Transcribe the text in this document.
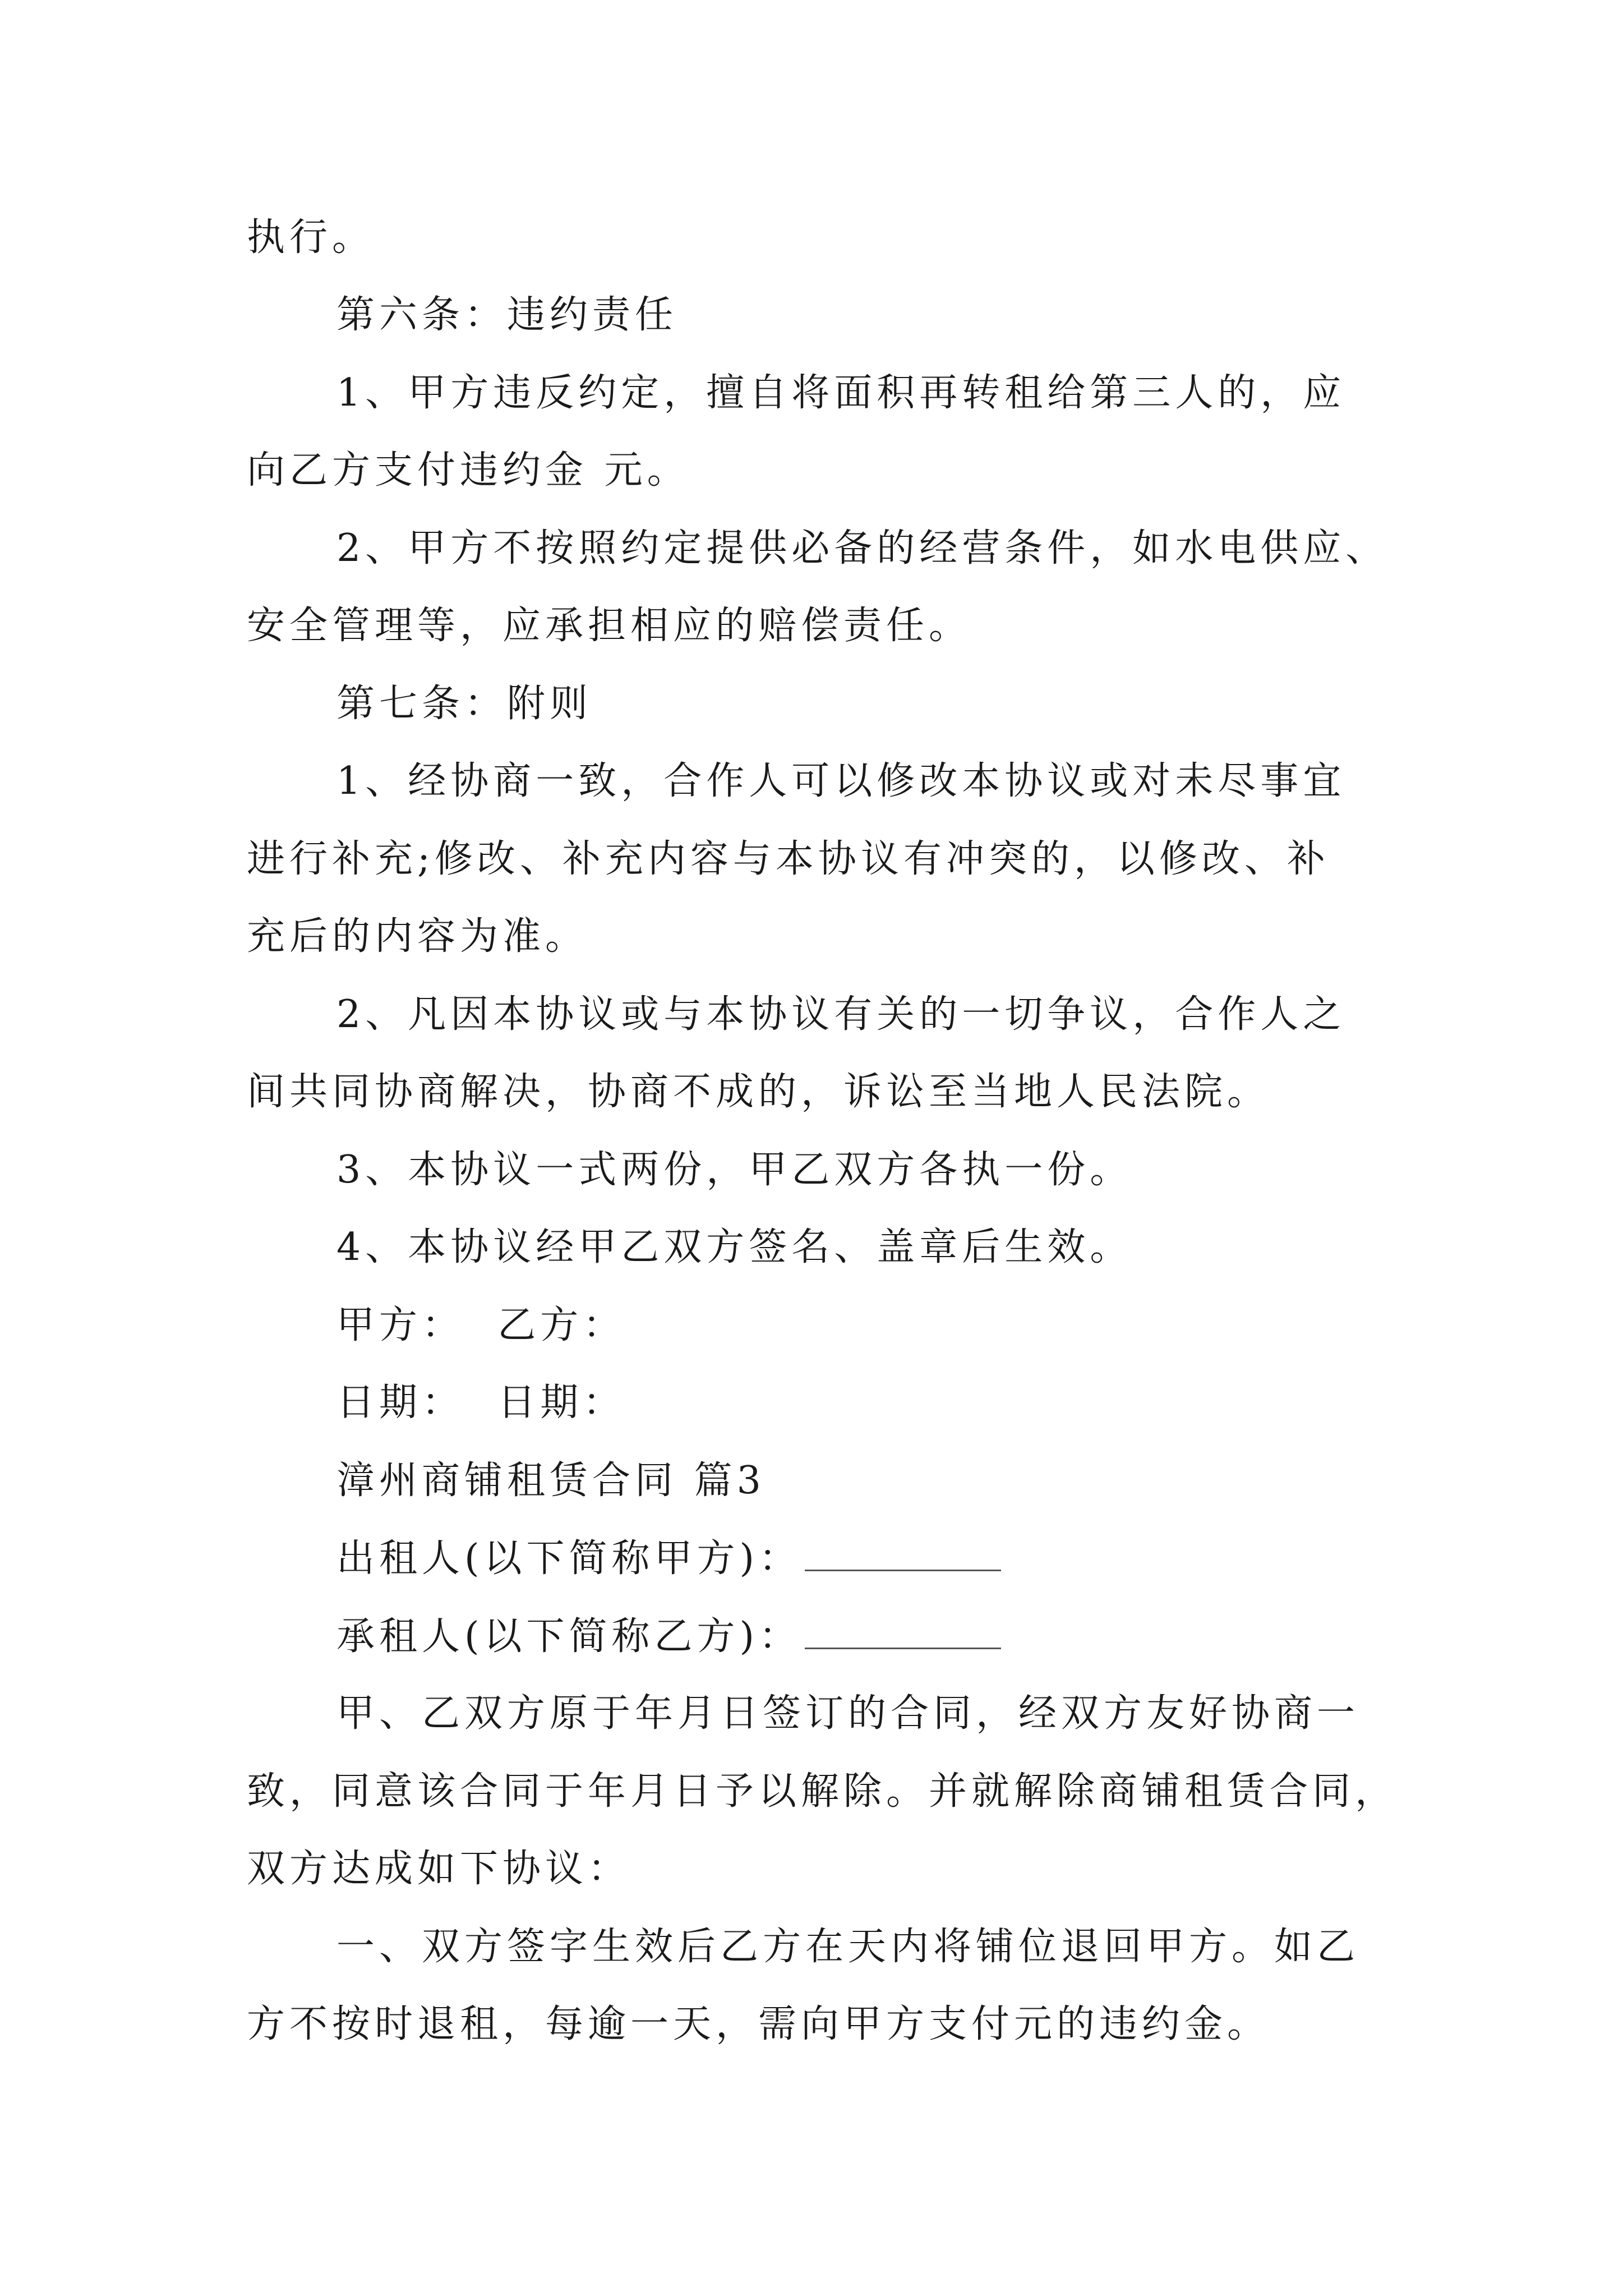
执行。
第六条：违约责任
1、甲方违反约定，擅自将面积再转租给第三人的，应
向乙方支付违约金 元。
2、甲方不按照约定提供必备的经营条件，如水电供应、
安全管理等，应承担相应的赔偿责任。
第七条：附则
1、经协商一致，合作人可以修改本协议或对未尽事宜
进行补充;修改、补充内容与本协议有冲突的，以修改、补
充后的内容为准。
2、凡因本协议或与本协议有关的一切争议，合作人之
间共同协商解决，协商不成的，诉讼至当地人民法院。
3、本协议一式两份，甲乙双方各执一份。
4、本协议经甲乙双方签名、盖章后生效。
甲方：  乙方：
日期：  日期：
漳州商铺租赁合同 篇3
出租人(以下简称甲方)：
承租人(以下简称乙方)：
甲、乙双方原于年月日签订的合同，经双方友好协商一
致，同意该合同于年月日予以解除。并就解除商铺租赁合同，
双方达成如下协议：
一、双方签字生效后乙方在天内将铺位退回甲方。如乙
方不按时退租，每逾一天，需向甲方支付元的违约金。
